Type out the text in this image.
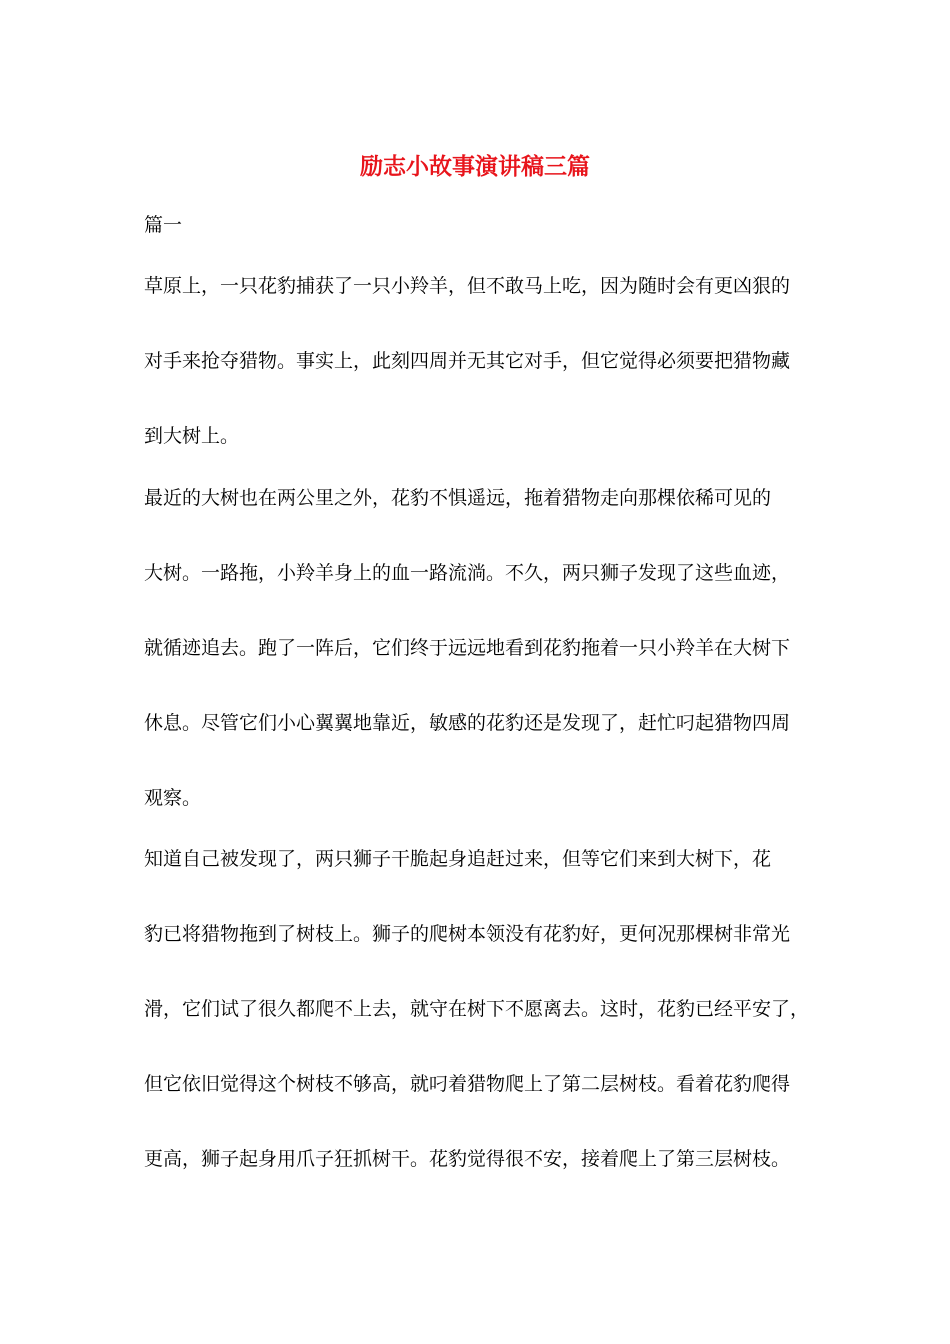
励志小故事演讲稿三篇
篇一
草原上，一只花豹捕获了一只小羚羊，但不敢马上吃，因为随时会有更凶狠的
对手来抢夺猎物。事实上，此刻四周并无其它对手，但它觉得必须要把猎物藏
到大树上。
最近的大树也在两公里之外，花豹不惧遥远，拖着猎物走向那棵依稀可见的
大树。一路拖，小羚羊身上的血一路流淌。不久，两只狮子发现了这些血迹，
就循迹追去。跑了一阵后，它们终于远远地看到花豹拖着一只小羚羊在大树下
休息。尽管它们小心翼翼地靠近，敏感的花豹还是发现了，赶忙叼起猎物四周
观察。
知道自己被发现了，两只狮子干脆起身追赶过来，但等它们来到大树下，花
豹已将猎物拖到了树枝上。狮子的爬树本领没有花豹好，更何况那棵树非常光
滑，它们试了很久都爬不上去，就守在树下不愿离去。这时，花豹已经平安了，
但它依旧觉得这个树枝不够高，就叼着猎物爬上了第二层树枝。看着花豹爬得
更高，狮子起身用爪子狂抓树干。花豹觉得很不安，接着爬上了第三层树枝。
